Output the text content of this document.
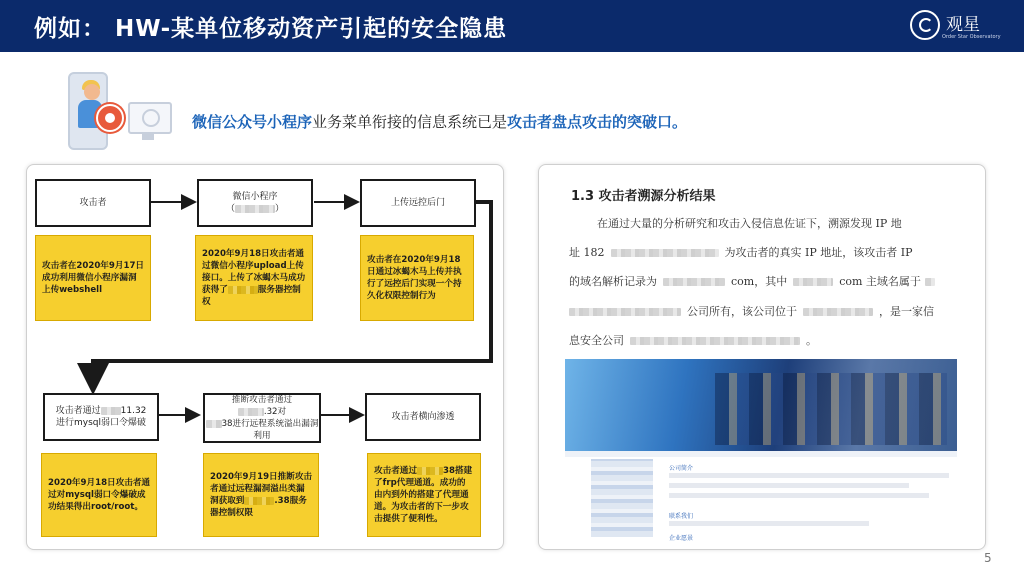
例如： HW-某单位移动资产引起的安全隐患	观星
Order Star Observatory
微信公众号小程序业务菜单衔接的信息系统已是攻击者盘点攻击的突破口。
攻击者
微信小程序
（	）
上传远控后门
攻击者在2020年9月17日成功利用微信小程序漏洞上传webshell
2020年9月18日攻击者通过微信小程序upload上传接口。上传了冰蝎木马成功获得了	服务器控制权
攻击者在2020年9月18日通过冰蝎木马上传并执行了远控后门实现一个持久化权限控制行为
攻击者通过 11.32
进行mysql弱口令爆破
推断攻击者通过
.32对
38进行远程系统溢出漏洞利用
攻击者横向渗透
2020年9月18日攻击者通过对mysql弱口令爆破成功结果得出root/root。
2020年9月19日推断攻击者通过远程漏洞溢出类漏洞获取到	.38服务器控制权限
攻击者通过	38搭建了frp代理通道。成功的由内到外的搭建了代理通道。为攻击者的下一步攻击提供了便利性。
1.3 攻击者溯源分析结果
在通过大量的分析研究和攻击入侵信息佐证下，溯源发现 IP 地
址 182	为攻击者的真实 IP 地址，该攻击者 IP
的域名解析记录为	com，其中	com 主域名属于
公司所有，该公司位于	，是一家信
息安全公司	。
公司简介
联系我们
企业愿景
5
